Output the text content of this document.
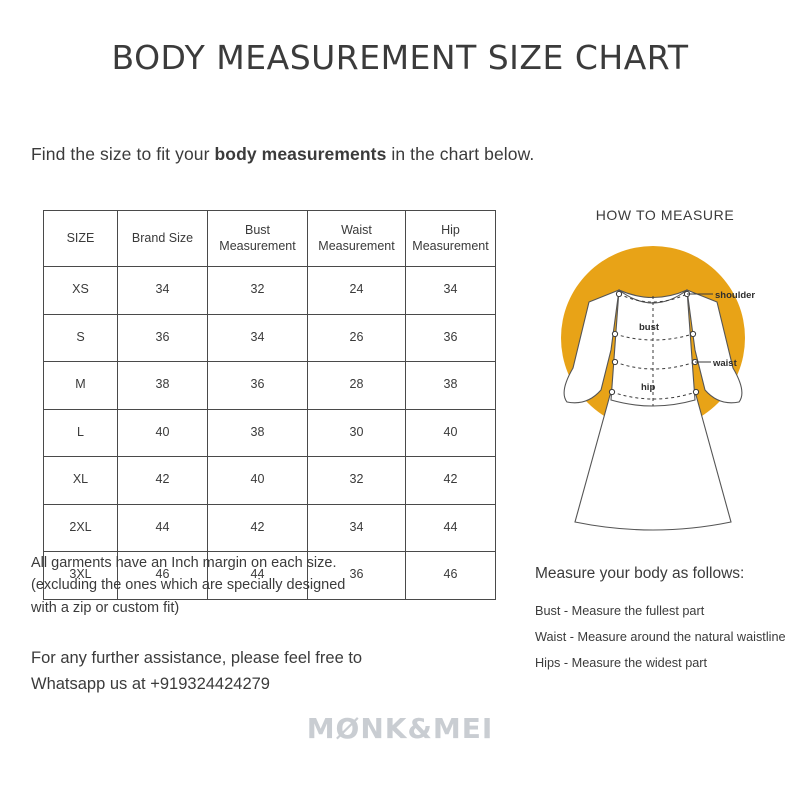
BODY MEASUREMENT SIZE CHART
Find the size to fit your body measurements in the chart below.
SIZE	Brand Size	Bust Measurement	Waist Measurement	Hip Measurement
XS	34	32	24	34
S	36	34	26	36
M	38	36	28	38
L	40	38	30	40
XL	42	40	32	42
2XL	44	42	34	44
3XL	46	44	36	46
All garments have an Inch margin on each size.
(excluding the ones which are specially designed
with a zip or custom fit)
For any further assistance, please feel free to
Whatsapp us at +919324424279
HOW TO MEASURE
shoulder
bust
waist
hip
Measure your body as follows:
Bust - Measure the fullest part
Waist - Measure around the natural waistline
Hips - Measure the widest part
MØNK&MEI
